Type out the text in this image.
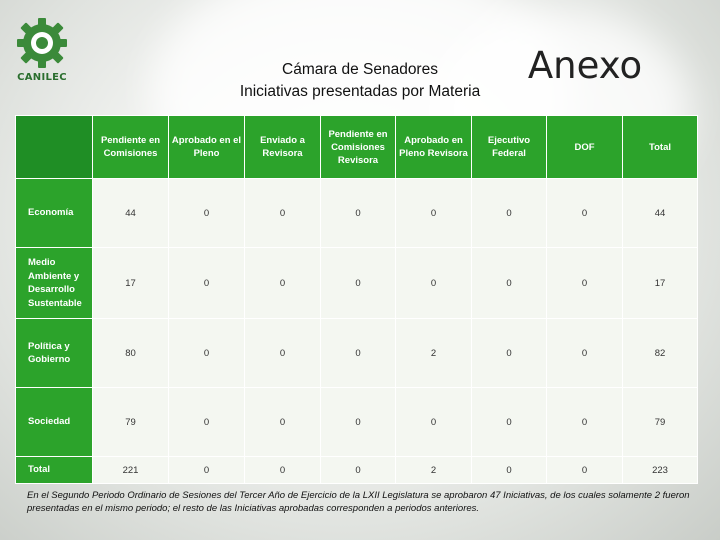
CANILEC	Cámara de Senadores
Iniciativas presentadas por Materia
Anexo
	Pendiente en Comisiones	Aprobado en el Pleno	Enviado a Revisora	Pendiente en Comisiones Revisora	Aprobado en Pleno Revisora	Ejecutivo Federal	DOF	Total
Economía	44	0	0	0	0	0	0	44
Medio Ambiente y Desarrollo Sustentable	17	0	0	0	0	0	0	17
Política y Gobierno	80	0	0	0	2	0	0	82
Sociedad	79	0	0	0	0	0	0	79
Total	221	0	0	0	2	0	0	223
En el Segundo Periodo Ordinario de Sesiones del Tercer Año de Ejercicio de la LXII Legislatura se aprobaron 47 Iniciativas, de los cuales solamente 2 fueron presentadas en el mismo periodo; el resto de las Iniciativas aprobadas corresponden a periodos anteriores.
